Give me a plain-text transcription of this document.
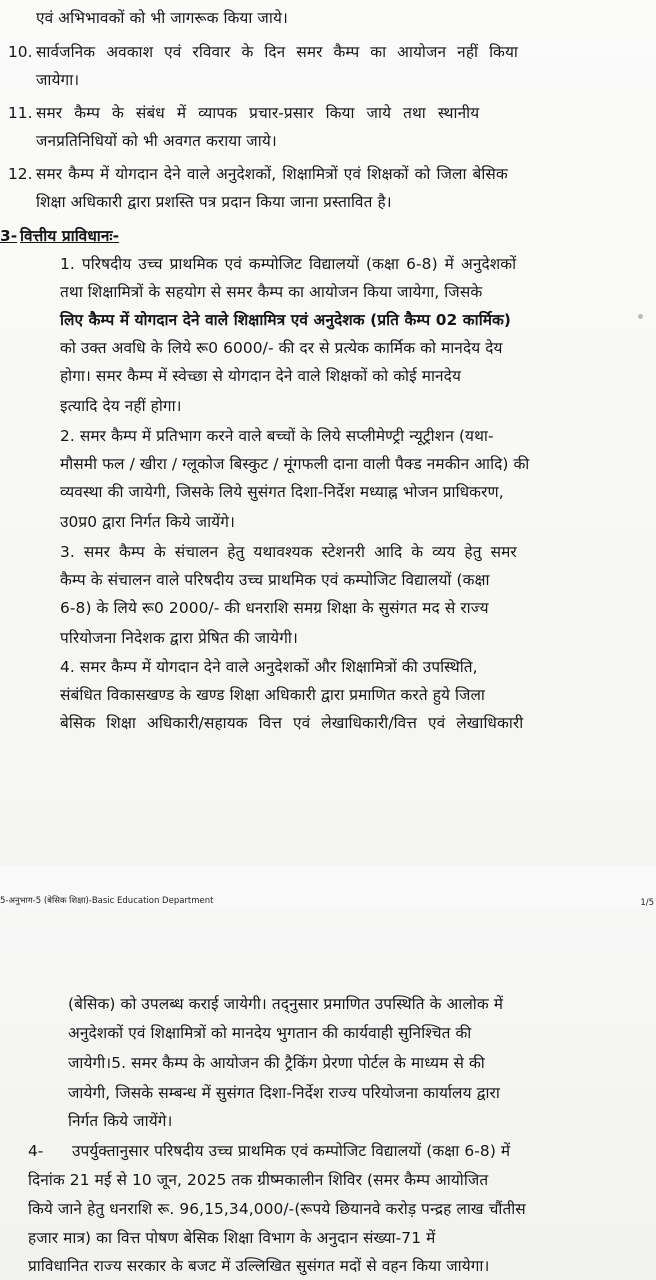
एवं अभिभावकों को भी जागरूक किया जाये।
10. सार्वजनिक अवकाश एवं रविवार के दिन समर कैम्प का आयोजन नहीं किया
जायेगा।
11. समर कैम्प के संबंध में व्यापक प्रचार-प्रसार किया जाये तथा स्थानीय
जनप्रतिनिधियों को भी अवगत कराया जाये।
12. समर कैम्प में योगदान देने वाले अनुदेशकों, शिक्षामित्रों एवं शिक्षकों को जिला बेसिक
शिक्षा अधिकारी द्वारा प्रशस्ति पत्र प्रदान किया जाना प्रस्तावित है।
3- वित्तीय प्राविधानः-
1. परिषदीय उच्च प्राथमिक एवं कम्पोजिट विद्यालयों (कक्षा 6-8) में अनुदेशकों
तथा शिक्षामित्रों के सहयोग से समर कैम्प का आयोजन किया जायेगा, जिसके
लिए कैम्प में योगदान देने वाले शिक्षामित्र एवं अनुदेशक (प्रति कैम्प 02 कार्मिक)
को उक्त अवधि के लिये रू0 6000/- की दर से प्रत्येक कार्मिक को मानदेय देय
होगा। समर कैम्प में स्वेच्छा से योगदान देने वाले शिक्षकों को कोई मानदेय
इत्यादि देय नहीं होगा।
2. समर कैम्प में प्रतिभाग करने वाले बच्चों के लिये सप्लीमेण्ट्री न्यूट्रीशन (यथा-
मौसमी फल / खीरा / ग्लूकोज बिस्कुट / मूंगफली दाना वाली पैक्ड नमकीन आदि) की
व्यवस्था की जायेगी, जिसके लिये सुसंगत दिशा-निर्देश मध्याह्न भोजन प्राधिकरण,
उ0प्र0 द्वारा निर्गत किये जायेंगे।
3. समर कैम्प के संचालन हेतु यथावश्यक स्टेशनरी आदि के व्यय हेतु समर
कैम्प के संचालन वाले परिषदीय उच्च प्राथमिक एवं कम्पोजिट विद्यालयों (कक्षा
6-8) के लिये रू0 2000/- की धनराशि समग्र शिक्षा के सुसंगत मद से राज्य
परियोजना निदेशक द्वारा प्रेषित की जायेगी।
4. समर कैम्प में योगदान देने वाले अनुदेशकों और शिक्षामित्रों की उपस्थिति,
संबंधित विकासखण्ड के खण्ड शिक्षा अधिकारी द्वारा प्रमाणित करते हुये जिला
बेसिक शिक्षा अधिकारी/सहायक वित्त एवं लेखाधिकारी/वित्त एवं लेखाधिकारी
5-अनुभाग-5 (बेसिक शिक्षा)-Basic Education Department	1/5
(बेसिक) को उपलब्ध कराई जायेगी। तद्नुसार प्रमाणित उपस्थिति के आलोक में
अनुदेशकों एवं शिक्षामित्रों को मानदेय भुगतान की कार्यवाही सुनिश्चित की
जायेगी।5. समर कैम्प के आयोजन की ट्रैकिंग प्रेरणा पोर्टल के माध्यम से की
जायेगी, जिसके सम्बन्ध में सुसंगत दिशा-निर्देश राज्य परियोजना कार्यालय द्वारा
निर्गत किये जायेंगे।
4- उपर्युक्तानुसार परिषदीय उच्च प्राथमिक एवं कम्पोजिट विद्यालयों (कक्षा 6-8) में
दिनांक 21 मई से 10 जून, 2025 तक ग्रीष्मकालीन शिविर (समर कैम्प आयोजित
किये जाने हेतु धनराशि रू. 96,15,34,000/-(रूपये छियानवे करोड़ पन्द्रह लाख चौंतीस
हजार मात्र) का वित्त पोषण बेसिक शिक्षा विभाग के अनुदान संख्या-71 में
प्राविधानित राज्य सरकार के बजट में उल्लिखित सुसंगत मदों से वहन किया जायेगा।
